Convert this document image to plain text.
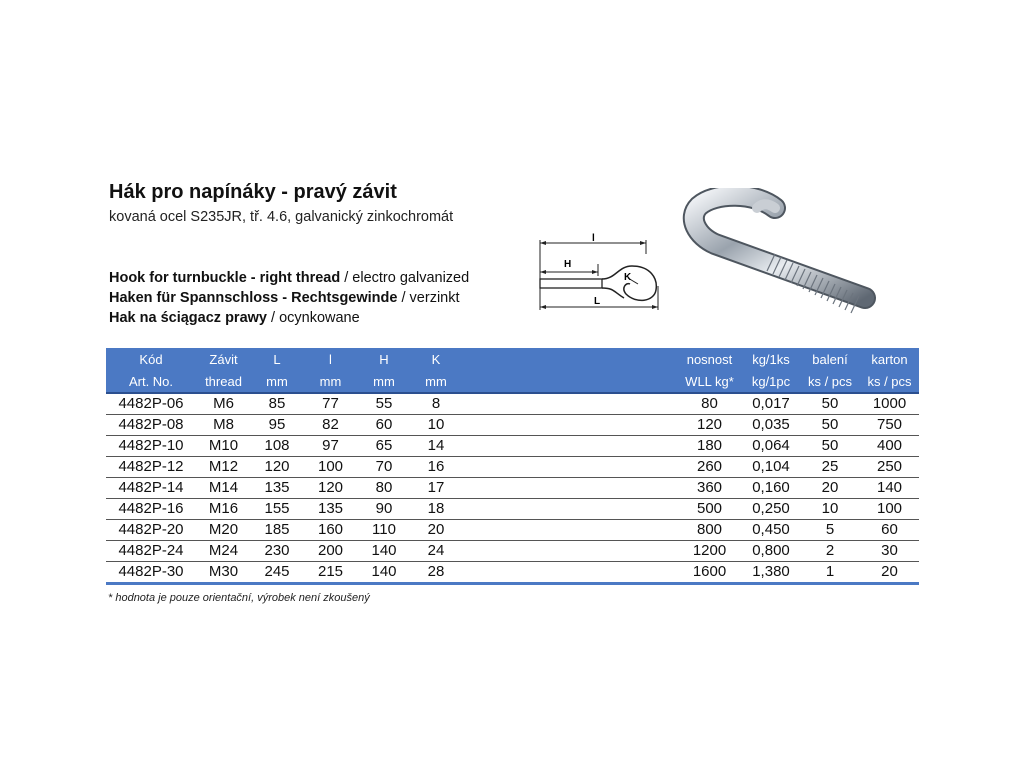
Hák pro napínáky - pravý závit
kovaná ocel S235JR, tř. 4.6, galvanický zinkochromát
Hook for turnbuckle - right thread / electro galvanized
Haken für Spannschloss - Rechtsgewinde / verzinkt
Hak na ściągacz prawy / ocynkowane
l
H
K
L
Kód	Závit	L	l	H	K		nosnost	kg/1ks	balení	karton
Art. No.	thread	mm	mm	mm	mm		WLL kg*	kg/1pc	ks / pcs	ks / pcs
4482P-06	M6	85	77	55	8		80	0,017	50	1000
4482P-08	M8	95	82	60	10		120	0,035	50	750
4482P-10	M10	108	97	65	14		180	0,064	50	400
4482P-12	M12	120	100	70	16		260	0,104	25	250
4482P-14	M14	135	120	80	17		360	0,160	20	140
4482P-16	M16	155	135	90	18		500	0,250	10	100
4482P-20	M20	185	160	110	20		800	0,450	5	60
4482P-24	M24	230	200	140	24		1200	0,800	2	30
4482P-30	M30	245	215	140	28		1600	1,380	1	20
* hodnota je pouze orientační, výrobek není zkoušený
